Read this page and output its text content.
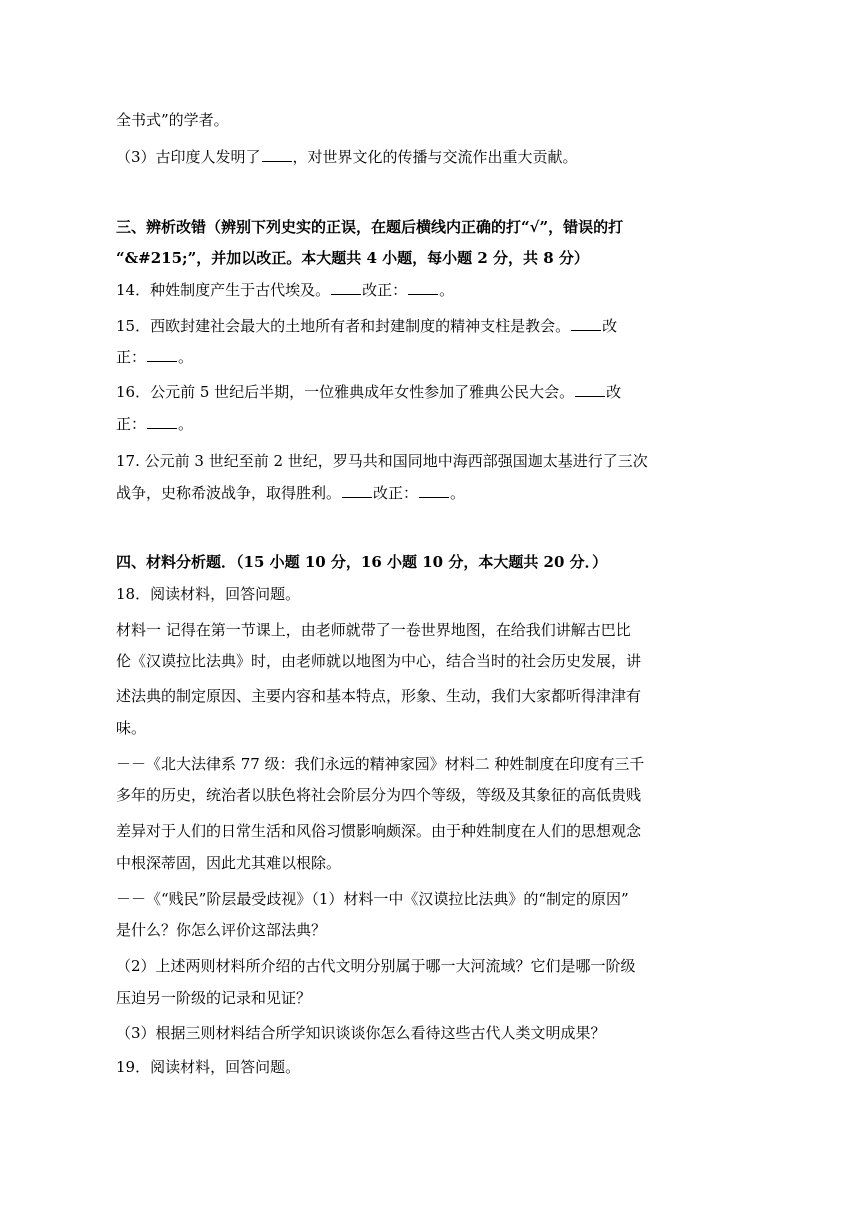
全书式”的学者。
（3）古印度人发明了 ，对世界文化的传播与交流作出重大贡献。
三、辨析改错（辨别下列史实的正误，在题后横线内正确的打“√”，错误的打
“&#215;”，并加以改正。本大题共 4 小题，每小题 2 分，共 8 分）
14．种姓制度产生于古代埃及。 改正： 。
15．西欧封建社会最大的土地所有者和封建制度的精神支柱是教会。 改
正： 。
16．公元前 5 世纪后半期，一位雅典成年女性参加了雅典公民大会。 改
正： 。
17. 公元前 3 世纪至前 2 世纪，罗马共和国同地中海西部强国迦太基进行了三次
战争，史称希波战争，取得胜利。 改正： 。
四、材料分析题．（15 小题 10 分，16 小题 10 分，本大题共 20 分．）
18．阅读材料，回答问题。
材料一 记得在第一节课上，由老师就带了一卷世界地图，在给我们讲解古巴比
伦《汉谟拉比法典》时，由老师就以地图为中心，结合当时的社会历史发展，讲
述法典的制定原因、主要内容和基本特点，形象、生动，我们大家都听得津津有
味。
－－《北大法律系 77 级：我们永远的精神家园》材料二 种姓制度在印度有三千
多年的历史，统治者以肤色将社会阶层分为四个等级，等级及其象征的高低贵贱
差异对于人们的日常生活和风俗习惯影响颇深。由于种姓制度在人们的思想观念
中根深蒂固，因此尤其难以根除。
－－《“贱民”阶层最受歧视》（1）材料一中《汉谟拉比法典》的“制定的原因”
是什么？你怎么评价这部法典？
（2）上述两则材料所介绍的古代文明分别属于哪一大河流域？它们是哪一阶级
压迫另一阶级的记录和见证？
（3）根据三则材料结合所学知识谈谈你怎么看待这些古代人类文明成果？
19．阅读材料，回答问题。
